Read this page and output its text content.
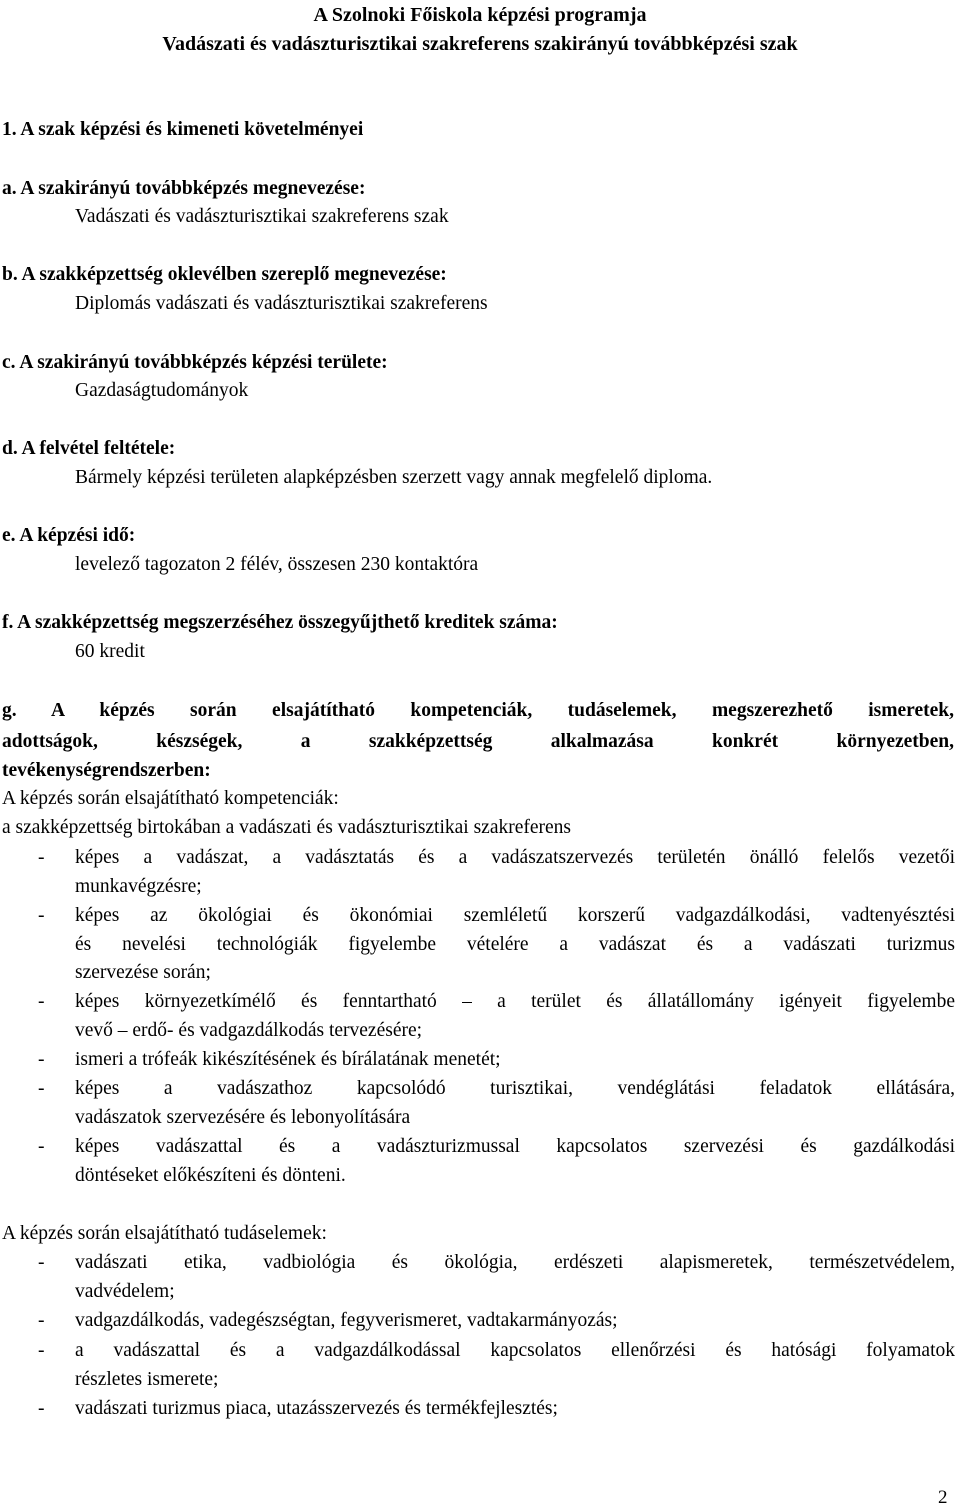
A Szolnoki Főiskola képzési programja
Vadászati és vadászturisztikai szakreferens szakirányú továbbképzési szak
1. A szak képzési és kimeneti követelményei
a. A szakirányú továbbképzés megnevezése:
Vadászati és vadászturisztikai szakreferens szak
b. A szakképzettség oklevélben szereplő megnevezése:
Diplomás vadászati és vadászturisztikai szakreferens
c. A szakirányú továbbképzés képzési területe:
Gazdaságtudományok
d. A felvétel feltétele:
Bármely képzési területen alapképzésben szerzett vagy annak megfelelő diploma.
e. A képzési idő:
levelező tagozaton 2 félév, összesen 230 kontaktóra
f. A szakképzettség megszerzéséhez összegyűjthető kreditek száma:
60 kredit
g. A képzés során elsajátítható kompetenciák, tudáselemek, megszerezhető ismeretek,
adottságok, készségek, a szakképzettség alkalmazása konkrét környezetben,
tevékenységrendszerben:
A képzés során elsajátítható kompetenciák:
a szakképzettség birtokában a vadászati és vadászturisztikai szakreferens
- képes a vadászat, a vadásztatás és a vadászatszervezés területén önálló felelős vezetői
munkavégzésre;
- képes az ökológiai és ökonómiai szemléletű korszerű vadgazdálkodási, vadtenyésztési
és nevelési technológiák figyelembe vételére a vadászat és a vadászati turizmus
szervezése során;
- képes környezetkímélő és fenntartható – a terület és állatállomány igényeit figyelembe
vevő – erdő- és vadgazdálkodás tervezésére;
- ismeri a trófeák kikészítésének és bírálatának menetét;
- képes a vadászathoz kapcsolódó turisztikai, vendéglátási feladatok ellátására,
vadászatok szervezésére és lebonyolítására
- képes vadászattal és a vadászturizmussal kapcsolatos szervezési és gazdálkodási
döntéseket előkészíteni és dönteni.
A képzés során elsajátítható tudáselemek:
- vadászati etika, vadbiológia és ökológia, erdészeti alapismeretek, természetvédelem,
vadvédelem;
- vadgazdálkodás, vadegészségtan, fegyverismeret, vadtakarmányozás;
- a vadászattal és a vadgazdálkodással kapcsolatos ellenőrzési és hatósági folyamatok
részletes ismerete;
- vadászati turizmus piaca, utazásszervezés és termékfejlesztés;
2
